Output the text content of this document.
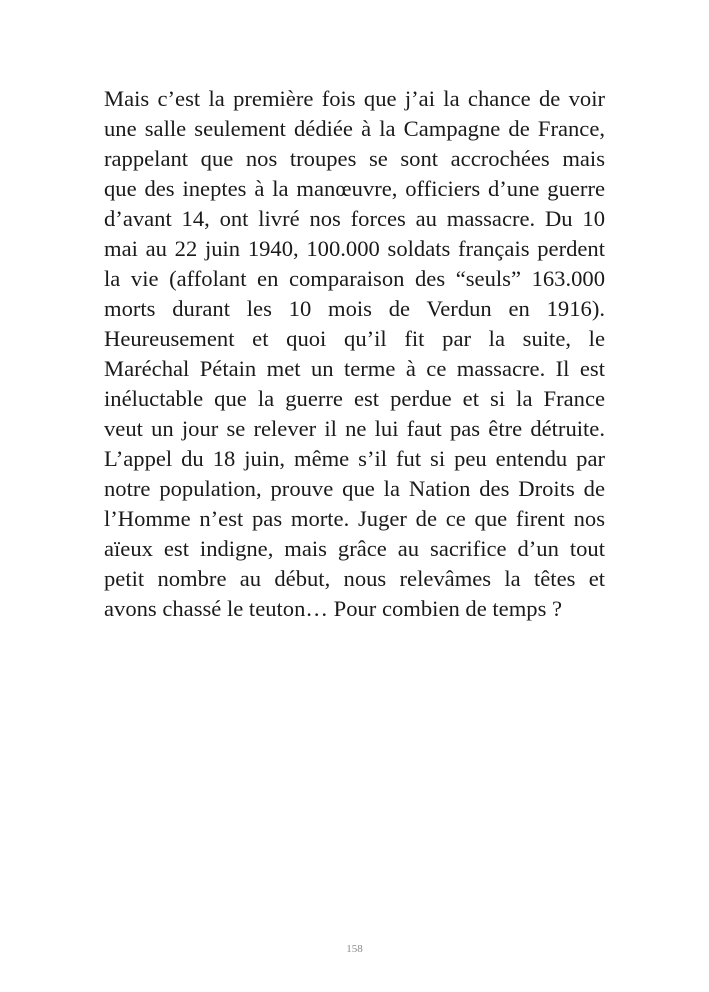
Mais c’est la première fois que j’ai la chance de voir
une salle seulement dédiée à la Campagne de France,
rappelant que nos troupes se sont accrochées mais
que des ineptes à la manœuvre, officiers d’une guerre
d’avant 14, ont livré nos forces au massacre. Du 10
mai au 22 juin 1940, 100.000 soldats français perdent
la vie (affolant en comparaison des “seuls” 163.000
morts durant les 10 mois de Verdun en 1916).
Heureusement et quoi qu’il fit par la suite, le
Maréchal Pétain met un terme à ce massacre. Il est
inéluctable que la guerre est perdue et si la France
veut un jour se relever il ne lui faut pas être détruite.
L’appel du 18 juin, même s’il fut si peu entendu par
notre population, prouve que la Nation des Droits de
l’Homme n’est pas morte. Juger de ce que firent nos
aïeux est indigne, mais grâce au sacrifice d’un tout
petit nombre au début, nous relevâmes la têtes et
avons chassé le teuton… Pour combien de temps ?

158
